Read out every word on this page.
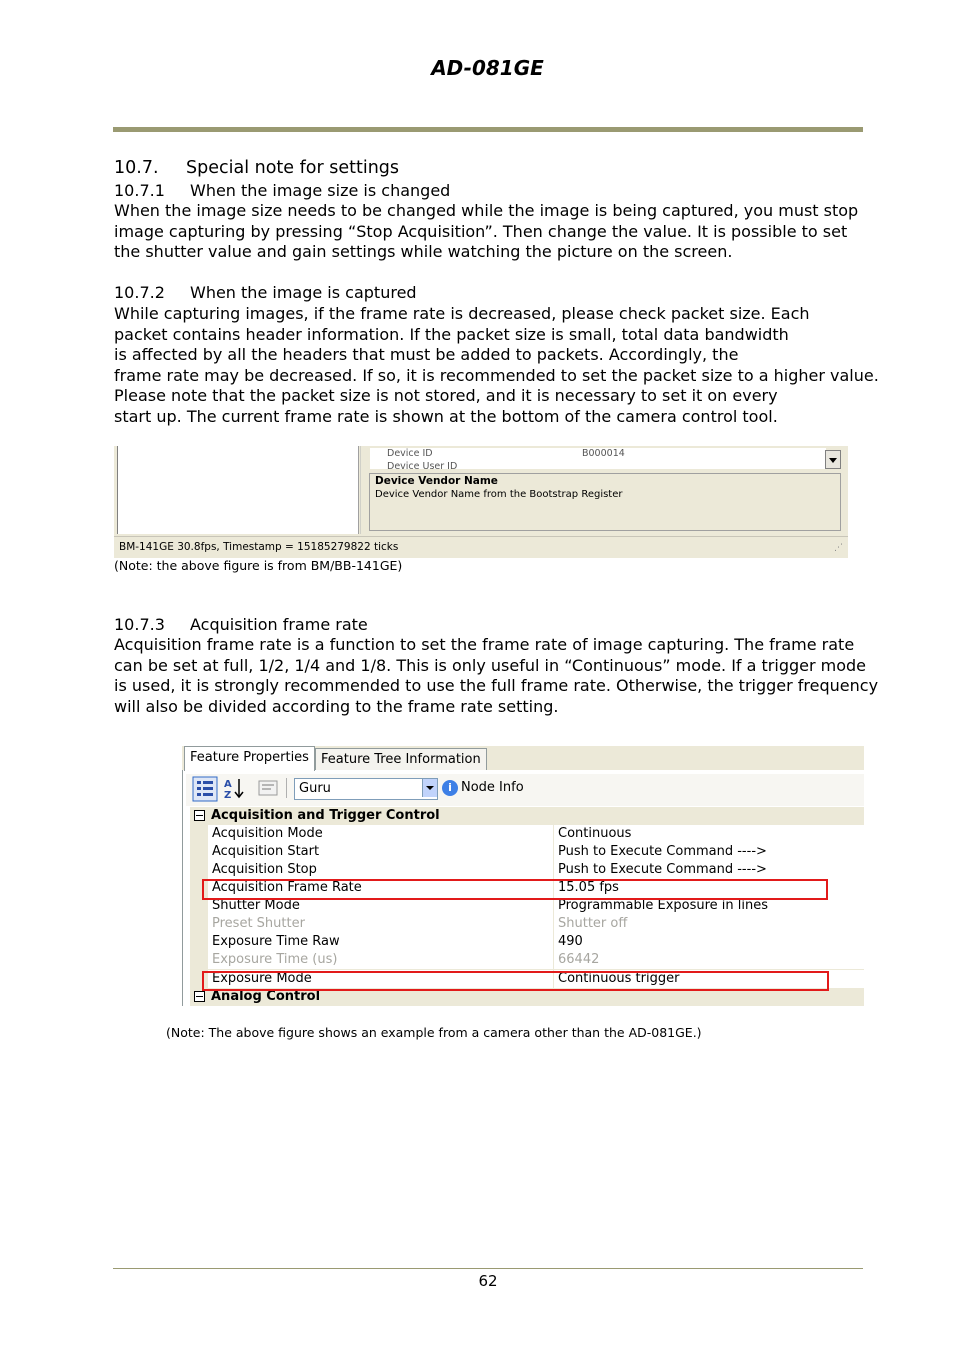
AD-081GE
10.7. Special note for settings
10.7.1 When the image size is changed
When the image size needs to be changed while the image is being captured, you must stop
image capturing by pressing “Stop Acquisition”. Then change the value. It is possible to set
the shutter value and gain settings while watching the picture on the screen.
10.7.2 When the image is captured
While capturing images, if the frame rate is decreased, please check packet size. Each
packet contains header information. If the packet size is small, total data bandwidth
is affected by all the headers that must be added to packets. Accordingly, the
frame rate may be decreased. If so, it is recommended to set the packet size to a higher value.
Please note that the packet size is not stored, and it is necessary to set it on every
start up. The current frame rate is shown at the bottom of the camera control tool.
Device ID	B000014
Device User ID
Device Vendor Name
Device Vendor Name from the Bootstrap Register
BM-141GE 30.8fps, Timestamp = 15185279822 ticks	⋰
(Note: the above figure is from BM/BB-141GE)
10.7.3 Acquisition frame rate
Acquisition frame rate is a function to set the frame rate of image capturing. The frame rate
can be set at full, 1/2, 1/4 and 1/8. This is only useful in “Continuous” mode. If a trigger mode
is used, it is strongly recommended to use the full frame rate. Otherwise, the trigger frequency
will also be divided according to the frame rate setting.
Feature Properties Feature Tree Information
A
Z	Guru	i Node Info
Acquisition and Trigger Control
Acquisition Mode	Continuous
Acquisition Start	Push to Execute Command ---->
Acquisition Stop	Push to Execute Command ---->
Acquisition Frame Rate	15.05 fps
Shutter Mode	Programmable Exposure in lines
Preset Shutter	Shutter off
Exposure Time Raw	490
Exposure Time (us)	66442
Exposure Mode	Continuous trigger
Analog Control
(Note: The above figure shows an example from a camera other than the AD-081GE.)
62
